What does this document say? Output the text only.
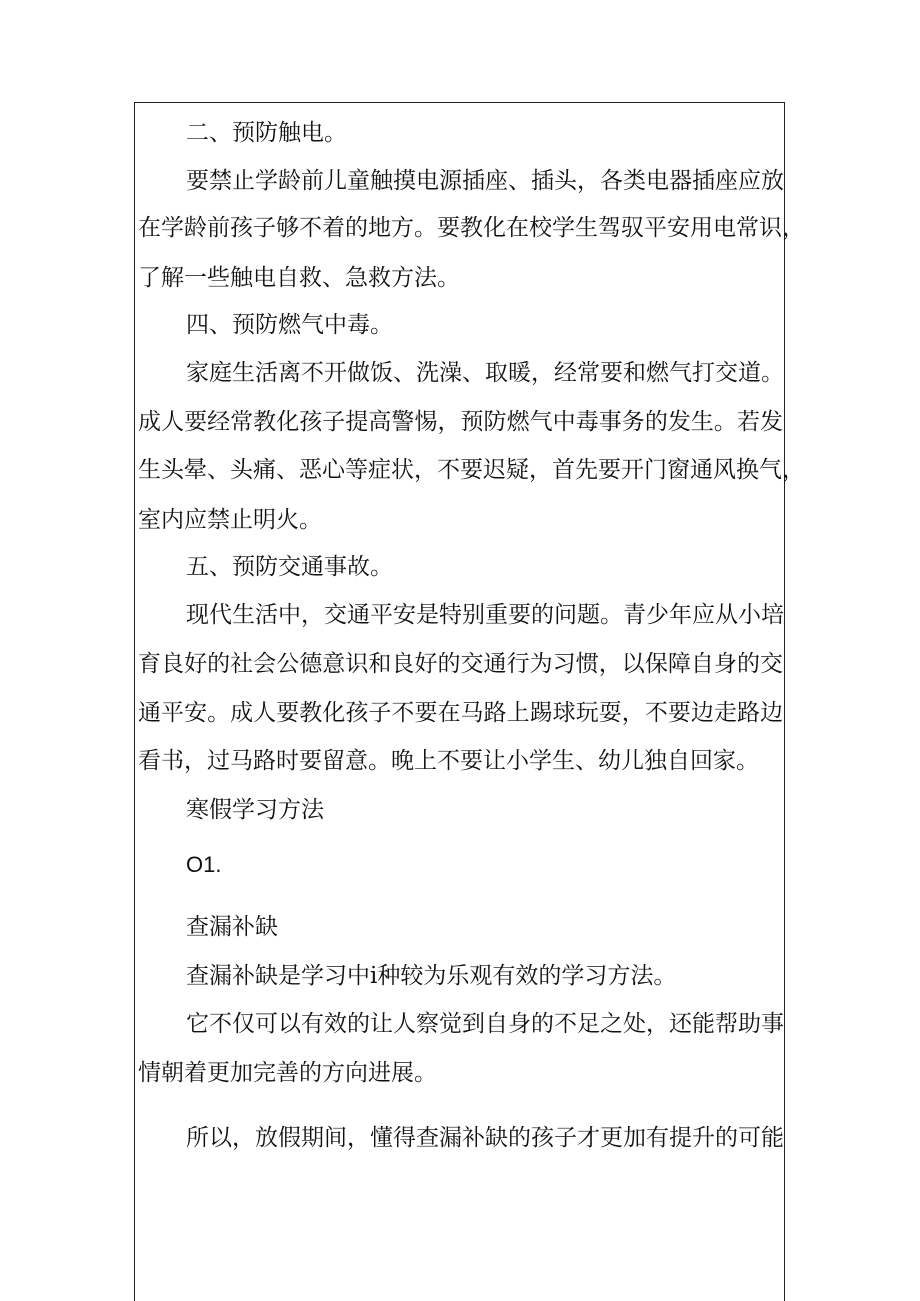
二、预防触电。
要禁止学龄前儿童触摸电源插座、插头，各类电器插座应放
在学龄前孩子够不着的地方。要教化在校学生驾驭平安用电常识，
了解一些触电自救、急救方法。
四、预防燃气中毒。
家庭生活离不开做饭、洗澡、取暖，经常要和燃气打交道。
成人要经常教化孩子提高警惕，预防燃气中毒事务的发生。若发
生头晕、头痛、恶心等症状，不要迟疑，首先要开门窗通风换气，
室内应禁止明火。
五、预防交通事故。
现代生活中，交通平安是特别重要的问题。青少年应从小培
育良好的社会公德意识和良好的交通行为习惯，以保障自身的交
通平安。成人要教化孩子不要在马路上踢球玩耍，不要边走路边
看书，过马路时要留意。晚上不要让小学生、幼儿独自回家。
寒假学习方法
O1.
查漏补缺
查漏补缺是学习中i种较为乐观有效的学习方法。
它不仅可以有效的让人察觉到自身的不足之处，还能帮助事
情朝着更加完善的方向进展。
所以，放假期间，懂得查漏补缺的孩子才更加有提升的可能
